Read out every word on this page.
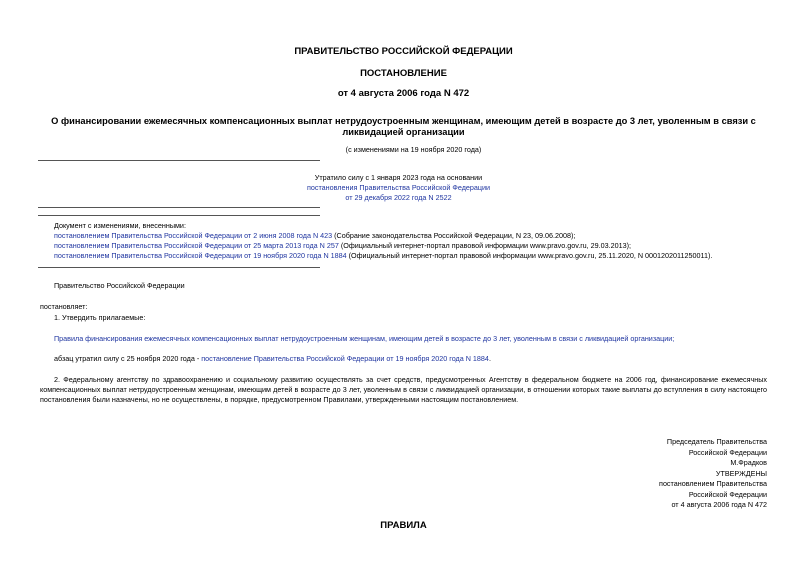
ПРАВИТЕЛЬСТВО РОССИЙСКОЙ ФЕДЕРАЦИИ
ПОСТАНОВЛЕНИЕ
от 4 августа 2006 года N 472
О финансировании ежемесячных компенсационных выплат нетрудоустроенным женщинам, имеющим детей в возрасте до 3 лет, уволенным в связи с ликвидацией организации
(с изменениями на 19 ноября 2020 года)
Утратило силу с 1 января 2023 года на основании
постановления Правительства Российской Федерации
от 29 декабря 2022 года N 2522
Документ с изменениями, внесенными:
постановлением Правительства Российской Федерации от 2 июня 2008 года N 423 (Собрание законодательства Российской Федерации, N 23, 09.06.2008);
постановлением Правительства Российской Федерации от 25 марта 2013 года N 257 (Официальный интернет-портал правовой информации www.pravo.gov.ru, 29.03.2013);
постановлением Правительства Российской Федерации от 19 ноября 2020 года N 1884 (Официальный интернет-портал правовой информации www.pravo.gov.ru, 25.11.2020, N 0001202011250011).
Правительство Российской Федерации
постановляет:
1. Утвердить прилагаемые:
Правила финансирования ежемесячных компенсационных выплат нетрудоустроенным женщинам, имеющим детей в возрасте до 3 лет, уволенным в связи с ликвидацией организации;
абзац утратил силу с 25 ноября 2020 года - постановление Правительства Российской Федерации от 19 ноября 2020 года N 1884.
2. Федеральному агентству по здравоохранению и социальному развитию осуществлять за счет средств, предусмотренных Агентству в федеральном бюджете на 2006 год, финансирование ежемесячных компенсационных выплат нетрудоустроенным женщинам, имеющим детей в возрасте до 3 лет, уволенным в связи с ликвидацией организации, в отношении которых такие выплаты до вступления в силу настоящего постановления были назначены, но не осуществлены, в порядке, предусмотренном Правилами, утвержденными настоящим постановлением.
Председатель Правительства
Российской Федерации
М.Фрадков
УТВЕРЖДЕНЫ
постановлением Правительства
Российской Федерации
от 4 августа 2006 года N 472
ПРАВИЛА
